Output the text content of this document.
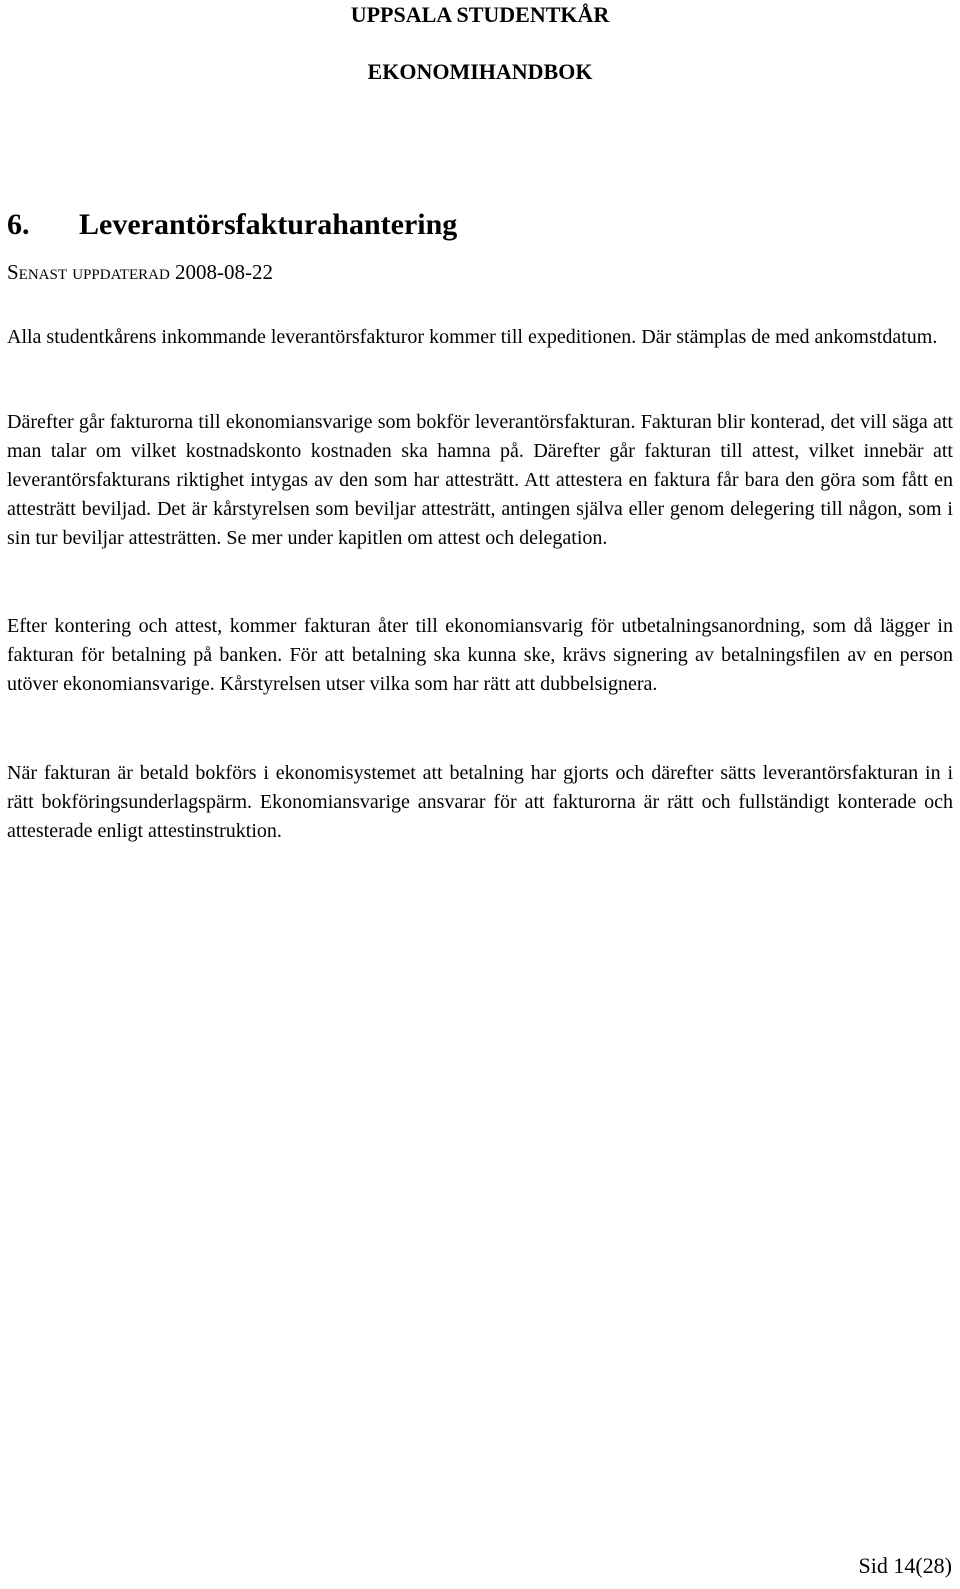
UPPSALA STUDENTKÅR
EKONOMIHANDBOK
6. Leverantörsfakturahantering
Senast uppdaterad 2008-08-22

Alla studentkårens inkommande leverantörsfakturor kommer till expeditionen. Där stämplas de med ankomstdatum.

Därefter går fakturorna till ekonomiansvarige som bokför leverantörsfakturan. Fakturan blir konterad, det vill säga att man talar om vilket kostnadskonto kostnaden ska hamna på. Därefter går fakturan till attest, vilket innebär att leverantörsfakturans riktighet intygas av den som har attesträtt. Att attestera en faktura får bara den göra som fått en attesträtt beviljad. Det är kårstyrelsen som beviljar attesträtt, antingen själva eller genom delegering till någon, som i sin tur beviljar attesträtten. Se mer under kapitlen om attest och delegation.

Efter kontering och attest, kommer fakturan åter till ekonomiansvarig för utbetalningsanordning, som då lägger in fakturan för betalning på banken. För att betalning ska kunna ske, krävs signering av betalningsfilen av en person utöver ekonomiansvarige. Kårstyrelsen utser vilka som har rätt att dubbelsignera.

När fakturan är betald bokförs i ekonomisystemet att betalning har gjorts och därefter sätts leverantörsfakturan in i rätt bokföringsunderlagspärm. Ekonomiansvarige ansvarar för att fakturorna är rätt och fullständigt konterade och attesterade enligt attestinstruktion.

Sid 14(28)
